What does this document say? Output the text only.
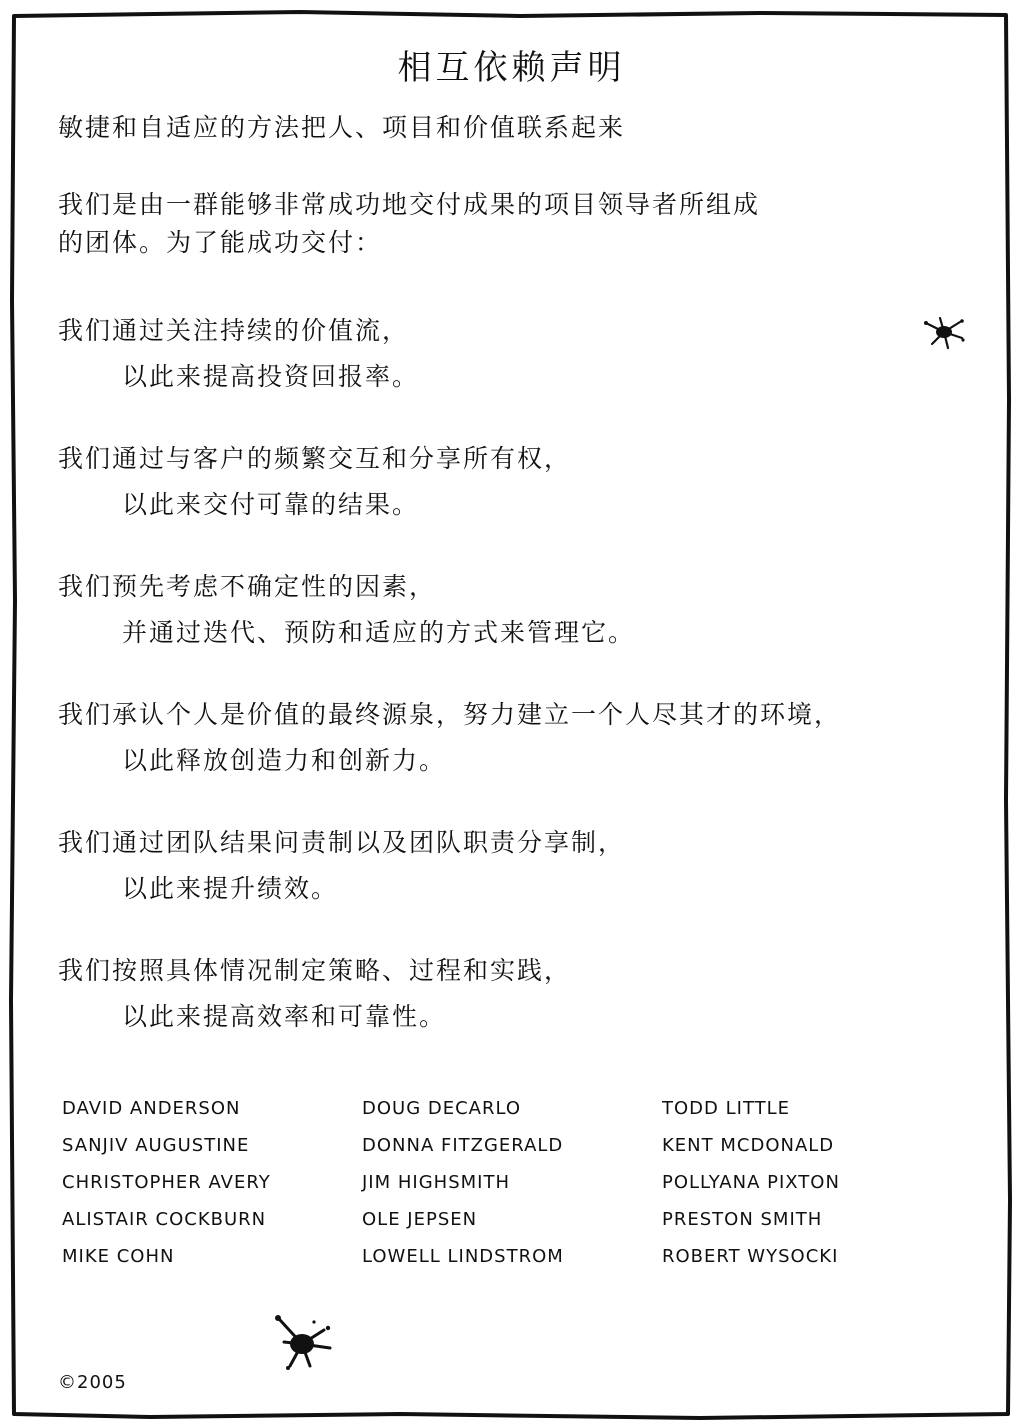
相互依赖声明

敏捷和自适应的方法把人、项目和价值联系起来

我们是由一群能够非常成功地交付成果的项目领导者所组成
的团体。为了能成功交付：
我们通过关注持续的价值流，
以此来提高投资回报率。
我们通过与客户的频繁交互和分享所有权，
以此来交付可靠的结果。
我们预先考虑不确定性的因素，
并通过迭代、预防和适应的方式来管理它。
我们承认个人是价值的最终源泉，努力建立一个人尽其才的环境，
以此释放创造力和创新力。
我们通过团队结果问责制以及团队职责分享制，
以此来提升绩效。
我们按照具体情况制定策略、过程和实践，
以此来提高效率和可靠性。
DAVID ANDERSON
SANJIV AUGUSTINE
CHRISTOPHER AVERY
ALISTAIR COCKBURN
MIKE COHN
DOUG DECARLO
DONNA FITZGERALD
JIM HIGHSMITH
OLE JEPSEN
LOWELL LINDSTROM
TODD LITTLE
KENT MCDONALD
POLLYANA PIXTON
PRESTON SMITH
ROBERT WYSOCKI
©2005
